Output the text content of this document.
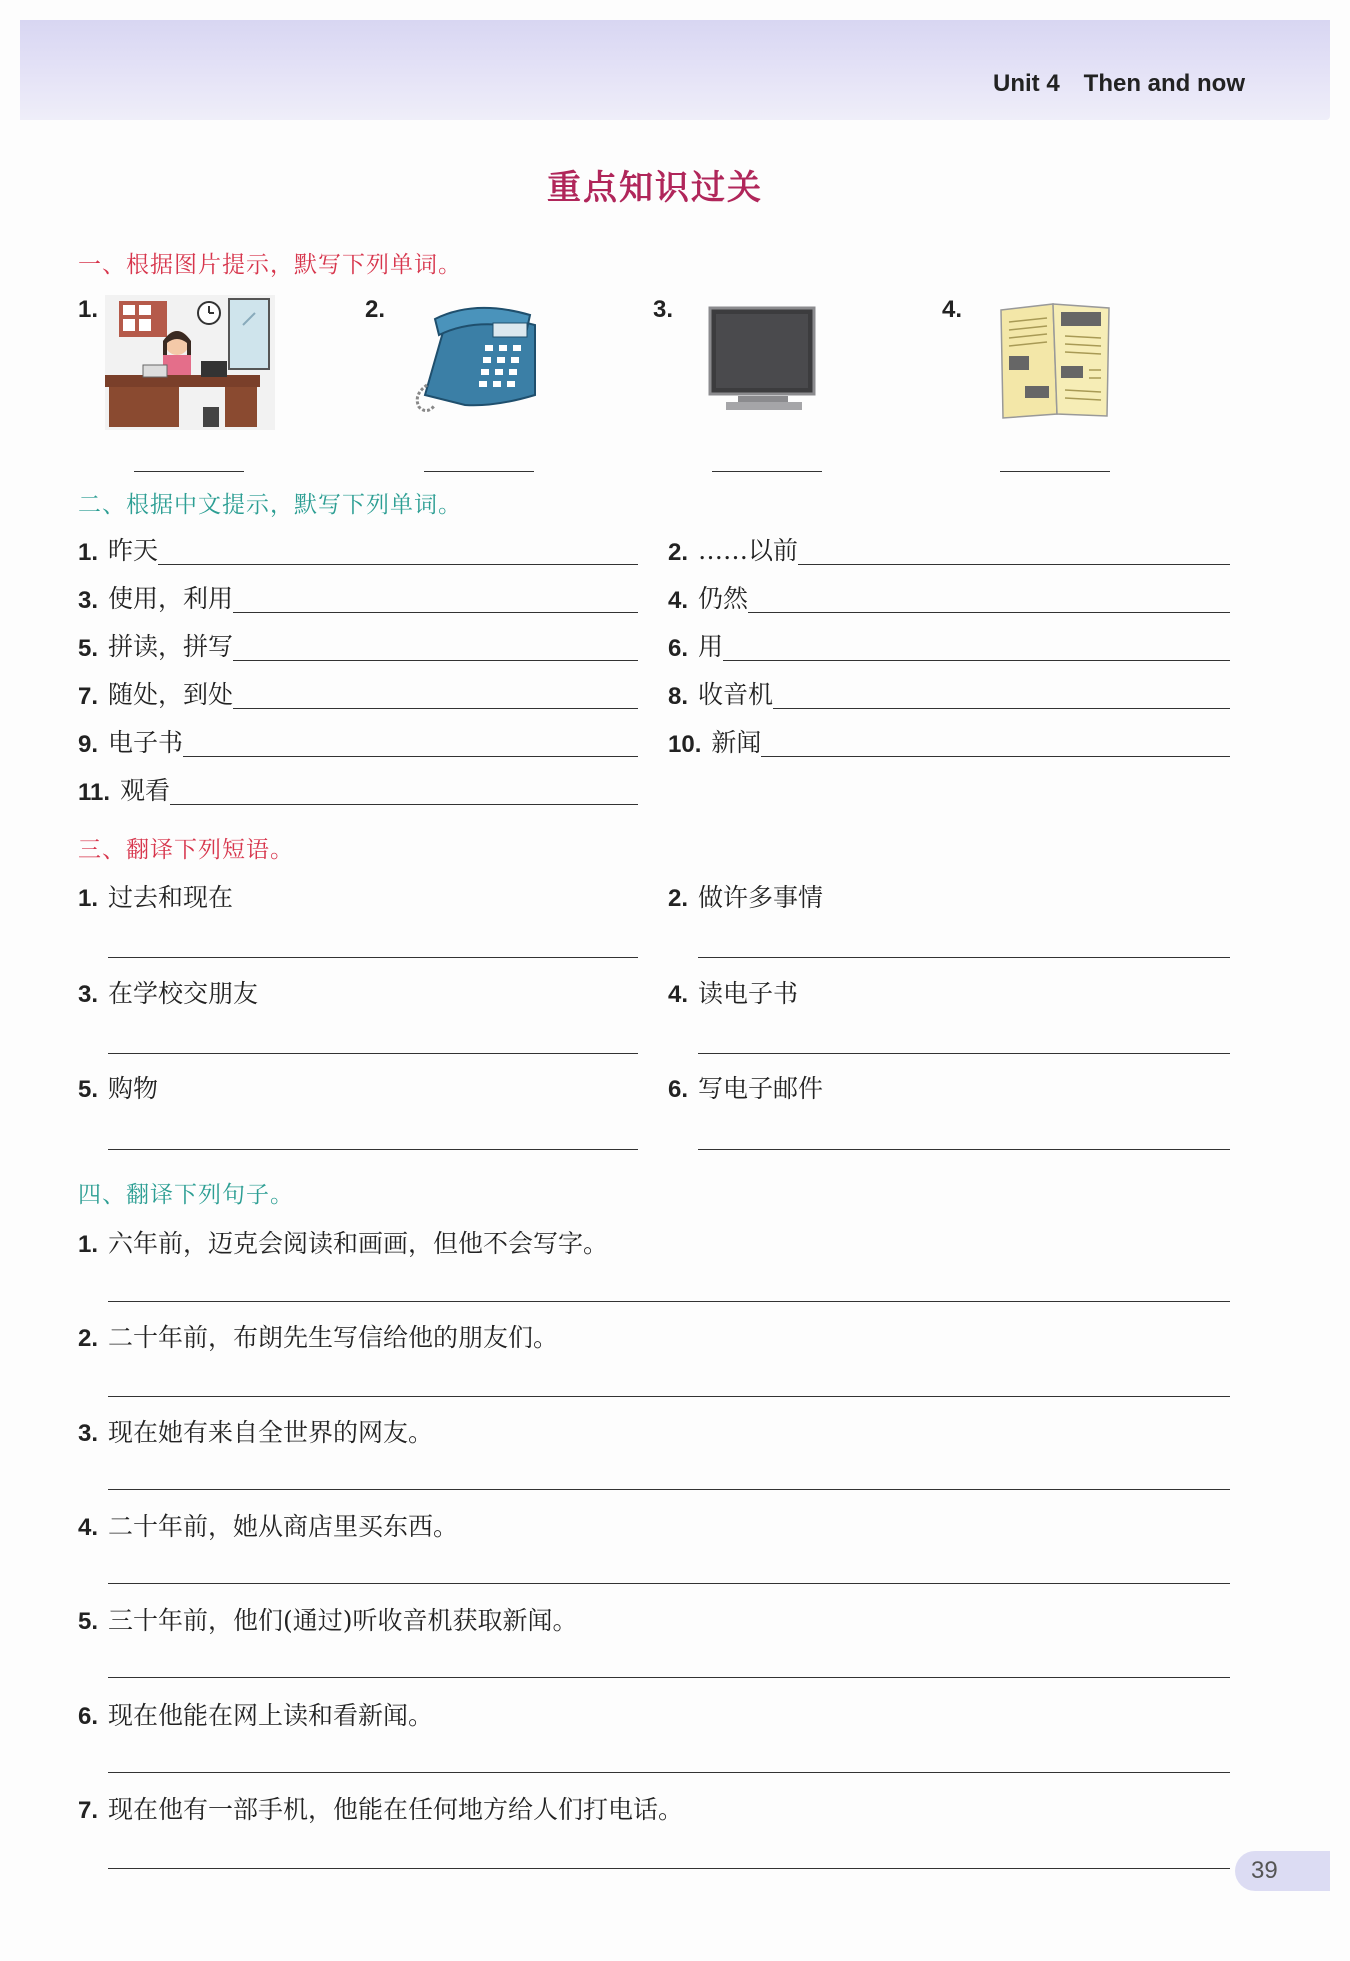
Unit 4 Then and now
重点知识过关
一、根据图片提示，默写下列单词。
1.	2.	3.	4.
二、根据中文提示，默写下列单词。
1. 昨天	2. ……以前
3. 使用，利用	4. 仍然
5. 拼读，拼写	6. 用
7. 随处，到处	8. 收音机
9. 电子书	10. 新闻
11. 观看
三、翻译下列短语。
1. 过去和现在	2. 做许多事情
3. 在学校交朋友	4. 读电子书
5. 购物	6. 写电子邮件
四、翻译下列句子。
1. 六年前，迈克会阅读和画画，但他不会写字。
2. 二十年前，布朗先生写信给他的朋友们。
3. 现在她有来自全世界的网友。
4. 二十年前，她从商店里买东西。
5. 三十年前，他们(通过)听收音机获取新闻。
6. 现在他能在网上读和看新闻。
7. 现在他有一部手机，他能在任何地方给人们打电话。
39
